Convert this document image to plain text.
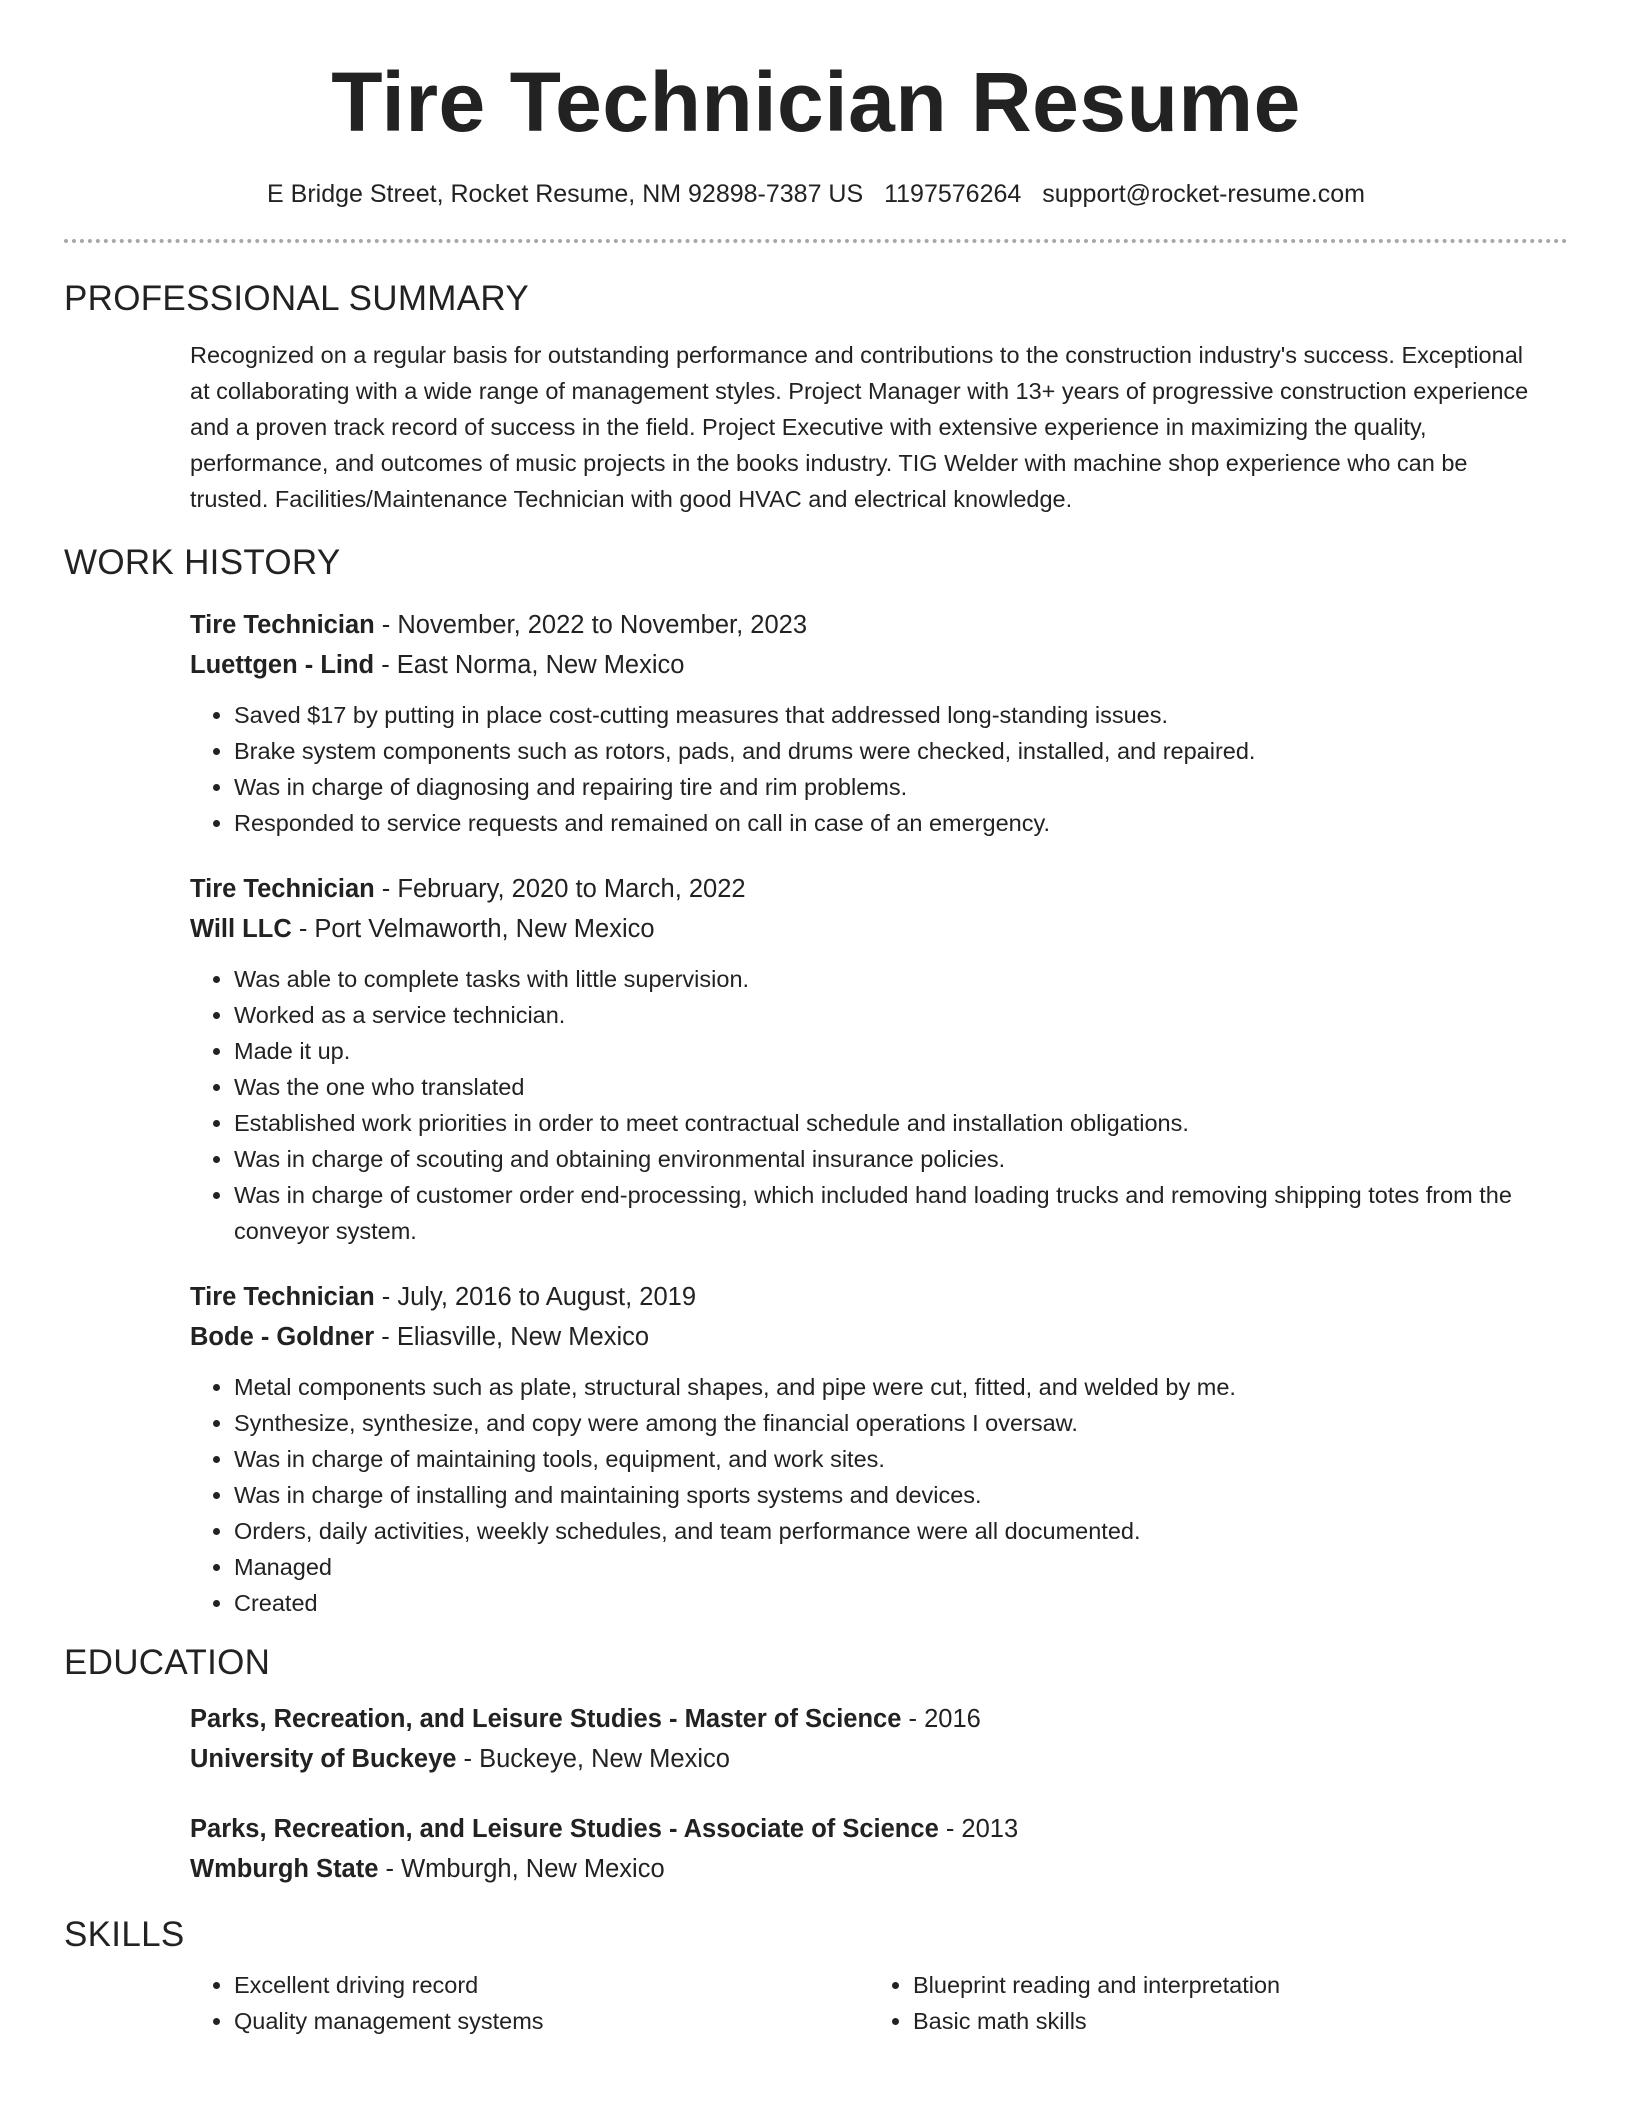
Tire Technician Resume
E Bridge Street, Rocket Resume, NM 92898-7387 US 1197576264 support@rocket-resume.com
PROFESSIONAL SUMMARY

Recognized on a regular basis for outstanding performance and contributions to the construction industry's success. Exceptional at collaborating with a wide range of management styles. Project Manager with 13+ years of progressive construction experience and a proven track record of success in the field. Project Executive with extensive experience in maximizing the quality, performance, and outcomes of music projects in the books industry. TIG Welder with machine shop experience who can be trusted. Facilities/Maintenance Technician with good HVAC and electrical knowledge.

WORK HISTORY
Tire Technician - November, 2022 to November, 2023
Luettgen - Lind - East Norma, New Mexico
• Saved $17 by putting in place cost-cutting measures that addressed long-standing issues.
• Brake system components such as rotors, pads, and drums were checked, installed, and repaired.
• Was in charge of diagnosing and repairing tire and rim problems.
• Responded to service requests and remained on call in case of an emergency.
Tire Technician - February, 2020 to March, 2022
Will LLC - Port Velmaworth, New Mexico
• Was able to complete tasks with little supervision.
• Worked as a service technician.
• Made it up.
• Was the one who translated
• Established work priorities in order to meet contractual schedule and installation obligations.
• Was in charge of scouting and obtaining environmental insurance policies.
• Was in charge of customer order end-processing, which included hand loading trucks and removing shipping totes from the conveyor system.
Tire Technician - July, 2016 to August, 2019
Bode - Goldner - Eliasville, New Mexico
• Metal components such as plate, structural shapes, and pipe were cut, fitted, and welded by me.
• Synthesize, synthesize, and copy were among the financial operations I oversaw.
• Was in charge of maintaining tools, equipment, and work sites.
• Was in charge of installing and maintaining sports systems and devices.
• Orders, daily activities, weekly schedules, and team performance were all documented.
• Managed
• Created
EDUCATION
Parks, Recreation, and Leisure Studies - Master of Science - 2016
University of Buckeye - Buckeye, New Mexico
Parks, Recreation, and Leisure Studies - Associate of Science - 2013
Wmburgh State - Wmburgh, New Mexico
SKILLS
• Excellent driving record
• Quality management systems
• Blueprint reading and interpretation
• Basic math skills
